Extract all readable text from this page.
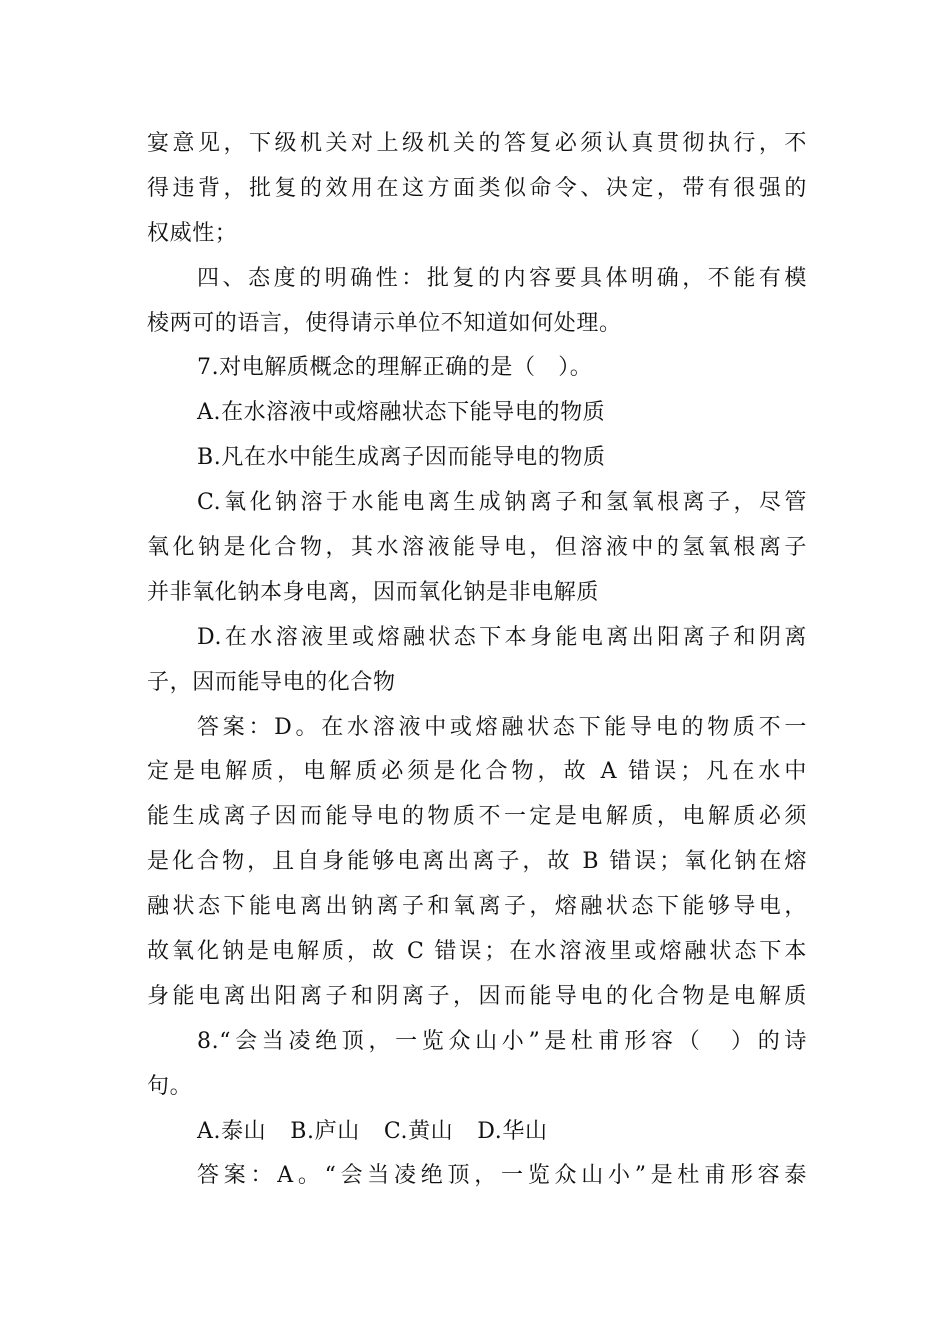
宴意见，下级机关对上级机关的答复必须认真贯彻执行，不
得违背，批复的效用在这方面类似命令、决定，带有很强的
权威性；
四、态度的明确性：批复的内容要具体明确，不能有模
棱两可的语言，使得请示单位不知道如何处理。
7.对电解质概念的理解正确的是（　）。
A.在水溶液中或熔融状态下能导电的物质
B.凡在水中能生成离子因而能导电的物质
C.氧化钠溶于水能电离生成钠离子和氢氧根离子，尽管
氧化钠是化合物，其水溶液能导电，但溶液中的氢氧根离子
并非氧化钠本身电离，因而氧化钠是非电解质
D.在水溶液里或熔融状态下本身能电离出阳离子和阴离
子，因而能导电的化合物
答案：D。在水溶液中或熔融状态下能导电的物质不一
定是电解质，电解质必须是化合物，故 A 错误；凡在水中
能生成离子因而能导电的物质不一定是电解质，电解质必须
是化合物，且自身能够电离出离子，故 B 错误；氧化钠在熔
融状态下能电离出钠离子和氧离子，熔融状态下能够导电，
故氧化钠是电解质，故 C 错误；在水溶液里或熔融状态下本
身能电离出阳离子和阴离子，因而能导电的化合物是电解质
8.“会当凌绝顶，一览众山小”是杜甫形容（　）的诗
句。
A.泰山 B.庐山 C.黄山 D.华山
答案：A。“会当凌绝顶，一览众山小”是杜甫形容泰
